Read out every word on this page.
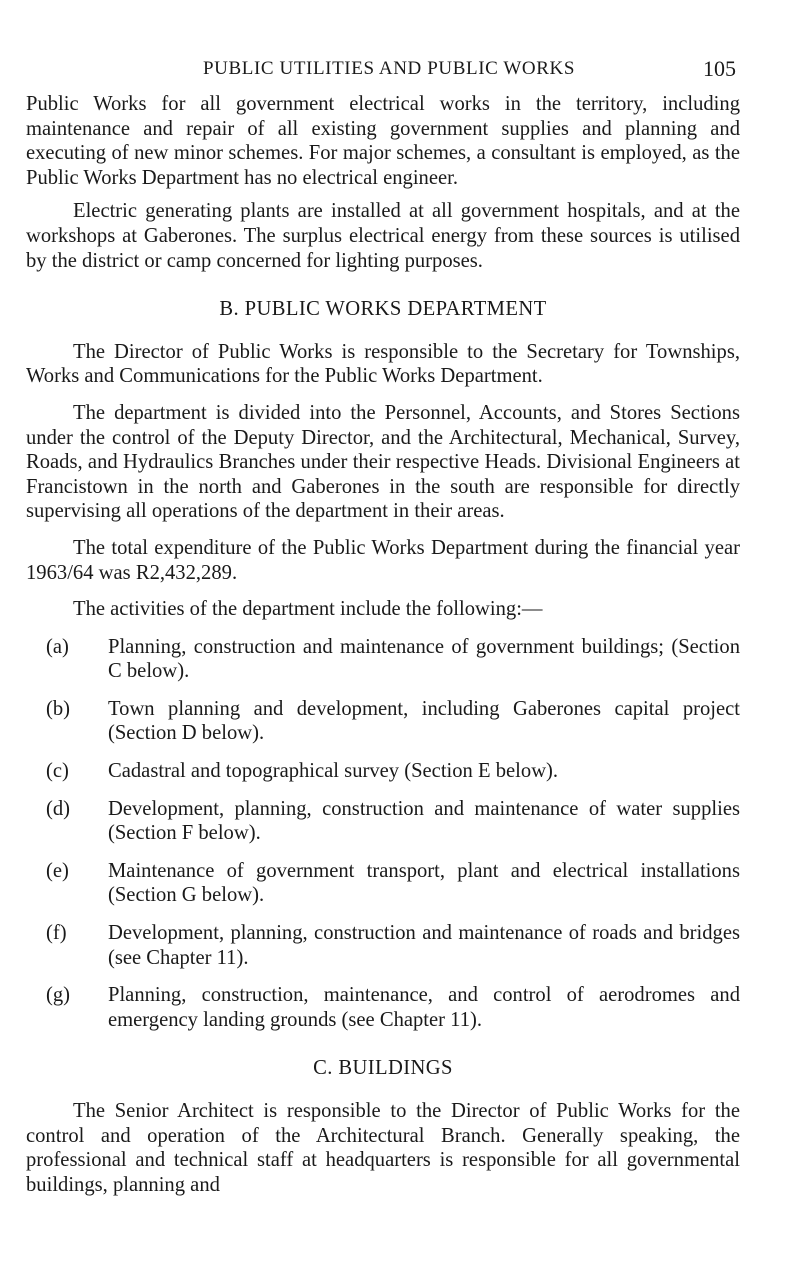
PUBLIC UTILITIES AND PUBLIC WORKS	105

Public Works for all government electrical works in the territory, including maintenance and repair of all existing government supplies and planning and executing of new minor schemes. For major schemes, a consultant is employed, as the Public Works Department has no electrical engineer.

Electric generating plants are installed at all government hospitals, and at the workshops at Gaberones. The surplus electrical energy from these sources is utilised by the district or camp concerned for lighting purposes.

B. PUBLIC WORKS DEPARTMENT

The Director of Public Works is responsible to the Secretary for Townships, Works and Communications for the Public Works Department.

The department is divided into the Personnel, Accounts, and Stores Sections under the control of the Deputy Director, and the Architectural, Mechanical, Survey, Roads, and Hydraulics Branches under their respective Heads. Divisional Engineers at Francistown in the north and Gaberones in the south are responsible for directly supervising all operations of the department in their areas.

The total expenditure of the Public Works Department during the financial year 1963/64 was R2,432,289.

The activities of the department include the following:—

(a)	Planning, construction and maintenance of government buildings; (Section C below).
(b)	Town planning and development, including Gaberones capital project (Section D below).
(c)	Cadastral and topographical survey (Section E below).
(d)	Development, planning, construction and maintenance of water supplies (Section F below).
(e)	Maintenance of government transport, plant and electrical installations (Section G below).
(f)	Development, planning, construction and maintenance of roads and bridges (see Chapter 11).
(g)	Planning, construction, maintenance, and control of aerodromes and emergency landing grounds (see Chapter 11).

C. BUILDINGS

The Senior Architect is responsible to the Director of Public Works for the control and operation of the Architectural Branch. Generally speaking, the professional and technical staff at headquarters is responsible for all governmental buildings, planning and
